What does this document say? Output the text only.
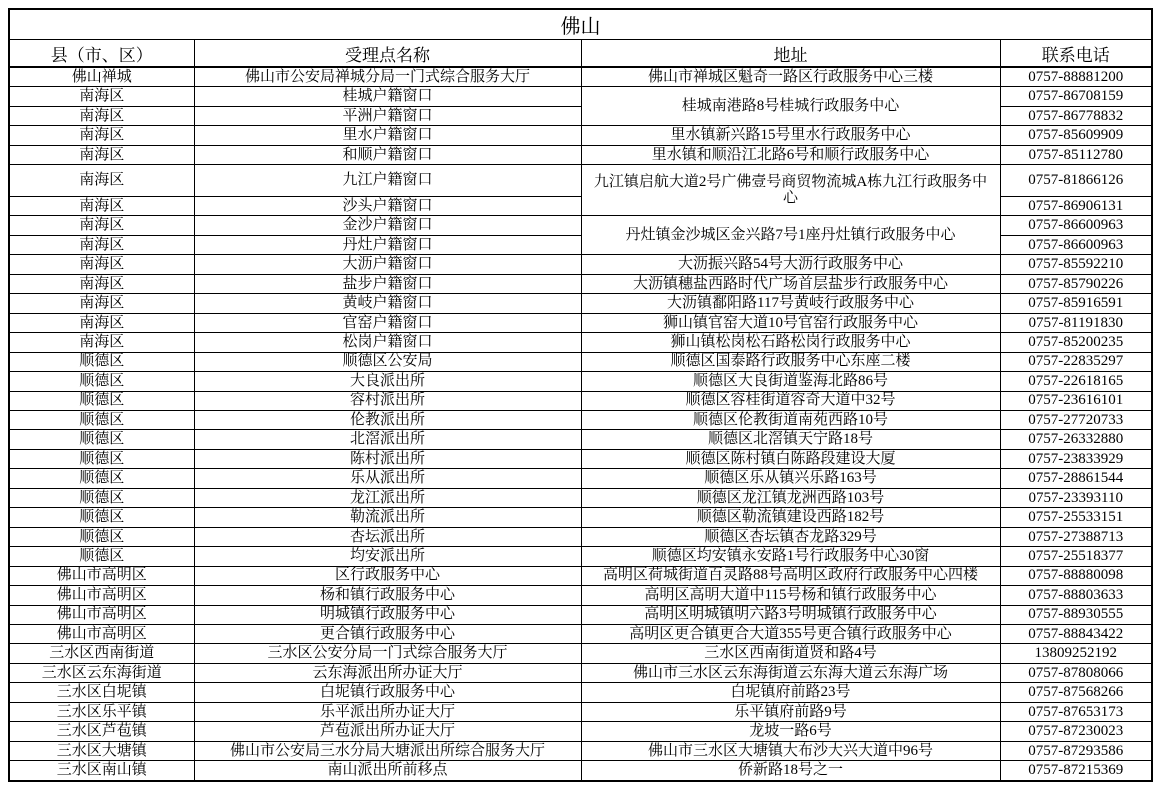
佛山			
县（市、区）	受理点名称	地址	联系电话
佛山禅城	佛山市公安局禅城分局一门式综合服务大厅	佛山市禅城区魁奇一路区行政服务中心三楼	0757-88881200
南海区	桂城户籍窗口	桂城南港路8号桂城行政服务中心	0757-86708159
南海区	平洲户籍窗口		0757-86778832
南海区	里水户籍窗口	里水镇新兴路15号里水行政服务中心	0757-85609909
南海区	和顺户籍窗口	里水镇和顺沿江北路6号和顺行政服务中心	0757-85112780
南海区	九江户籍窗口	九江镇启航大道2号广佛壹号商贸物流城A栋九江行政服务中心	0757-81866126
南海区	沙头户籍窗口		0757-86906131
南海区	金沙户籍窗口	丹灶镇金沙城区金兴路7号1座丹灶镇行政服务中心	0757-86600963
南海区	丹灶户籍窗口		0757-86600963
南海区	大沥户籍窗口	大沥振兴路54号大沥行政服务中心	0757-85592210
南海区	盐步户籍窗口	大沥镇穗盐西路时代广场首层盐步行政服务中心	0757-85790226
南海区	黄岐户籍窗口	大沥镇鄱阳路117号黄岐行政服务中心	0757-85916591
南海区	官窑户籍窗口	狮山镇官窑大道10号官窑行政服务中心	0757-81191830
南海区	松岗户籍窗口	狮山镇松岗松石路松岗行政服务中心	0757-85200235
顺德区	顺德区公安局	顺德区国泰路行政服务中心东座二楼	0757-22835297
顺德区	大良派出所	顺德区大良街道鉴海北路86号	0757-22618165
顺德区	容村派出所	顺德区容桂街道容奇大道中32号	0757-23616101
顺德区	伦教派出所	顺德区伦教街道南苑西路10号	0757-27720733
顺德区	北滘派出所	顺德区北滘镇天宁路18号	0757-26332880
顺德区	陈村派出所	顺德区陈村镇白陈路段建设大厦	0757-23833929
顺德区	乐从派出所	顺德区乐从镇兴乐路163号	0757-28861544
顺德区	龙江派出所	顺德区龙江镇龙洲西路103号	0757-23393110
顺德区	勒流派出所	顺德区勒流镇建设西路182号	0757-25533151
顺德区	杏坛派出所	顺德区杏坛镇杏龙路329号	0757-27388713
顺德区	均安派出所	顺德区均安镇永安路1号行政服务中心30窗	0757-25518377
佛山市高明区	区行政服务中心	高明区荷城街道百灵路88号高明区政府行政服务中心四楼	0757-88880098
佛山市高明区	杨和镇行政服务中心	高明区高明大道中115号杨和镇行政服务中心	0757-88803633
佛山市高明区	明城镇行政服务中心	高明区明城镇明六路3号明城镇行政服务中心	0757-88930555
佛山市高明区	更合镇行政服务中心	高明区更合镇更合大道355号更合镇行政服务中心	0757-88843422
三水区西南街道	三水区公安分局一门式综合服务大厅	三水区西南街道贤和路4号	13809252192
三水区云东海街道	云东海派出所办证大厅	佛山市三水区云东海街道云东海大道云东海广场	0757-87808066
三水区白坭镇	白坭镇行政服务中心	白坭镇府前路23号	0757-87568266
三水区乐平镇	乐平派出所办证大厅	乐平镇府前路9号	0757-87653173
三水区芦苞镇	芦苞派出所办证大厅	龙坡一路6号	0757-87230023
三水区大塘镇	佛山市公安局三水分局大塘派出所综合服务大厅	佛山市三水区大塘镇大布沙大兴大道中96号	0757-87293586
三水区南山镇	南山派出所前移点	侨新路18号之一	0757-87215369
